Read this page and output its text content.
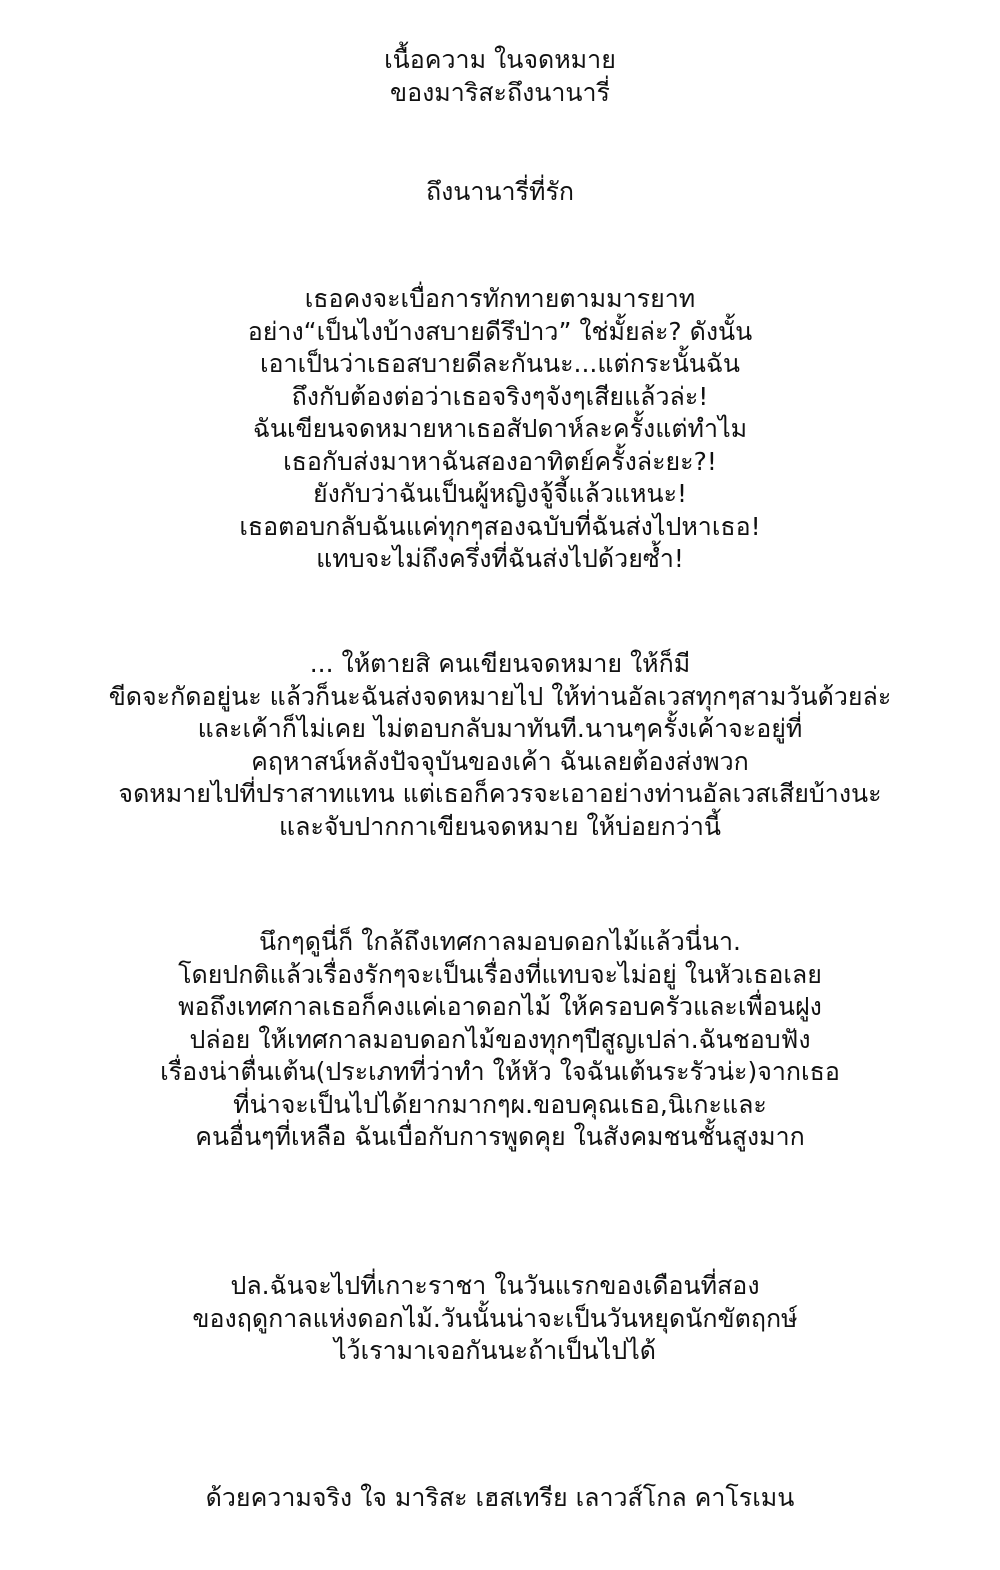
เนื้อความ ในจดหมาย
ของมาริสะถึงนานารี่
ถึงนานารี่ที่รัก
เธอคงจะเบื่อการทักทายตามมารยาท
อย่าง“เป็นไงบ้างสบายดีรึป่าว” ใช่มั้ยล่ะ? ดังนั้น
เอาเป็นว่าเธอสบายดีละกันนะ...แต่กระนั้นฉัน
ถึงกับต้องต่อว่าเธอจริงๆจังๆเสียแล้วล่ะ!
ฉันเขียนจดหมายหาเธอสัปดาห์ละครั้งแต่ทำไม
เธอกับส่งมาหาฉันสองอาทิตย์ครั้งล่ะยะ?!
ยังกับว่าฉันเป็นผู้หญิงจู้จี้แล้วแหนะ!
เธอตอบกลับฉันแค่ทุกๆสองฉบับที่ฉันส่งไปหาเธอ!
แทบจะไม่ถึงครึ่งที่ฉันส่งไปด้วยซ้ำ!
... ให้ตายสิ คนเขียนจดหมาย ให้ก็มี
ขีดจะกัดอยู่นะ แล้วก็นะฉันส่งจดหมายไป ให้ท่านอัลเวสทุกๆสามวันด้วยล่ะ
และเค้าก็ไม่เคย ไม่ตอบกลับมาทันที.นานๆครั้งเค้าจะอยู่ที่
คฤหาสน์หลังปัจจุบันของเค้า ฉันเลยต้องส่งพวก
จดหมายไปที่ปราสาทแทน แต่เธอก็ควรจะเอาอย่างท่านอัลเวสเสียบ้างนะ
และจับปากกาเขียนจดหมาย ให้บ่อยกว่านี้
นึกๆดูนี่ก็ ใกล้ถึงเทศกาลมอบดอกไม้แล้วนี่นา.
โดยปกติแล้วเรื่องรักๆจะเป็นเรื่องที่แทบจะไม่อยู่ ในหัวเธอเลย
พอถึงเทศกาลเธอก็คงแค่เอาดอกไม้ ให้ครอบครัวและเพื่อนฝูง
ปล่อย ให้เทศกาลมอบดอกไม้ของทุกๆปีสูญเปล่า.ฉันชอบฟัง
เรื่องน่าตื่นเต้น(ประเภทที่ว่าทำ ให้หัว ใจฉันเต้นระรัวน่ะ)จากเธอ
ที่น่าจะเป็นไปได้ยากมากๆผ.ขอบคุณเธอ,นิเกะและ
คนอื่นๆที่เหลือ ฉันเบื่อกับการพูดคุย ในสังคมชนชั้นสูงมาก
ปล.ฉันจะไปที่เกาะราชา ในวันแรกของเดือนที่สอง
ของฤดูกาลแห่งดอกไม้.วันนั้นน่าจะเป็นวันหยุดนักขัตฤกษ์
ไว้เรามาเจอกันนะถ้าเป็นไปได้
ด้วยความจริง ใจ มาริสะ เฮสเทรีย เลาวส์โกล คาโรเมน
